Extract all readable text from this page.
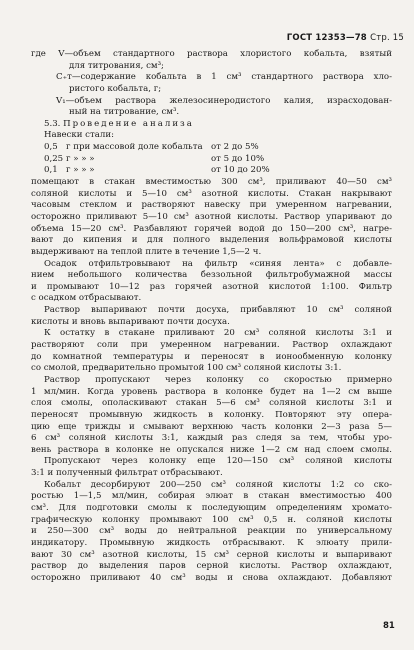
ГОСТ 12353—78 Стр. 15
где V—объем стандартного раствора хлористого кобальта, взятый
для титрования, см³;
C₊т—содержание кобальта в 1 см³ стандартного раствора хло-
ристого кобальта, г;
V₁—объем раствора железосинеродистого калия, израсходован-
ный на титрование, см³.
5.3. Проведение анализа
Навески стали:
0,5 г при массовой доле кобальта от 2 до 5%
0,25 г » » »	от 5 до 10%
0,1 г » » »	от 10 до 20%
помещают в стакан вместимостью 300 см³, приливают 40—50 см³
соляной кислоты и 5—10 см³ азотной кислоты. Стакан накрывают
часовым стеклом и растворяют навеску при умеренном нагревании,
осторожно приливают 5—10 см³ азотной кислоты. Раствор упаривают до
объема 15—20 см³. Разбавляют горячей водой до 150—200 см³, нагре-
вают до кипения и для полного выделения вольфрамовой кислоты
выдерживают на теплой плите в течение 1,5—2 ч.
Осадок отфильтровывают на фильтр «синяя лента» с добавле-
нием небольшого количества беззольной фильтробумажной массы
и промывают 10—12 раз горячей азотной кислотой 1:100. Фильтр
с осадком отбрасывают.
Раствор выпаривают почти досуха, прибавляют 10 см³ соляной
кислоты и вновь выпаривают почти досуха.
К остатку в стакане приливают 20 см³ соляной кислоты 3:1 и
растворяют соли при умеренном нагревании. Раствор охлаждают
до комнатной температуры и переносят в ионообменную колонку
со смолой, предварительно промытой 100 см³ соляной кислоты 3:1.
Раствор пропускают через колонку со скоростью примерно
1 мл/мин. Когда уровень раствора в колонке будет на 1—2 см выше
слоя смолы, ополаскивают стакан 5—6 см³ соляной кислоты 3:1 и
переносят промывную жидкость в колонку. Повторяют эту опера-
цию еще трижды и смывают верхнюю часть колонки 2—3 раза 5—
6 см³ соляной кислоты 3:1, каждый раз следя за тем, чтобы уро-
вень раствора в колонке не опускался ниже 1—2 см над слоем смолы.
Пропускают через колонку еще 120—150 см³ соляной кислоты
3:1 и полученный фильтрат отбрасывают.
Кобальт десорбируют 200—250 см³ соляной кислоты 1:2 со ско-
ростью 1—1,5 мл/мин, собирая элюат в стакан вместимостью 400
см³. Для подготовки смолы к последующим определениям хромато-
графическую колонку промывают 100 см³ 0,5 н. соляной кислоты
и 250—300 см³ воды до нейтральной реакции по универсальному
индикатору. Промывную жидкость отбрасывают. К элюату прили-
вают 30 см³ азотной кислоты, 15 см³ серной кислоты и выпаривают
раствор до выделения паров серной кислоты. Раствор охлаждают,
осторожно приливают 40 см³ воды и снова охлаждают. Добавляют
81
